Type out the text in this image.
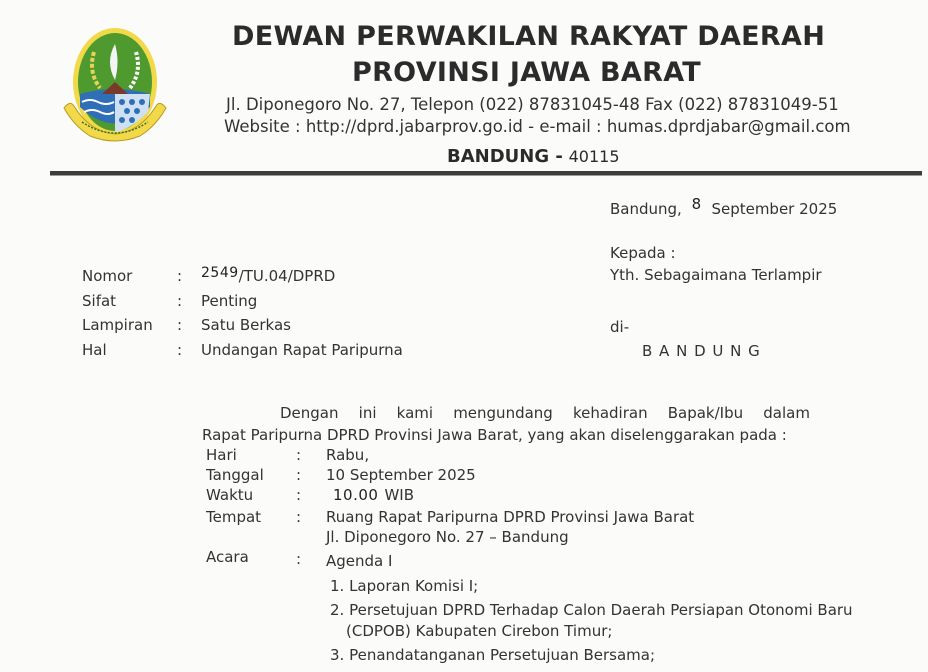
DEWAN PERWAKILAN RAKYAT DAERAH
PROVINSI JAWA BARAT
Jl. Diponegoro No. 27, Telepon (022) 87831045-48 Fax (022) 87831049-51
Website : http://dprd.jabarprov.go.id - e-mail : humas.dprdjabar@gmail.com
BANDUNG - 40115
Bandung, 8 September 2025
Kepada :
Yth. Sebagaimana Terlampir
di-
B A N D U N G
Nomor	: 2549/TU.04/DPRD
Sifat	: Penting
Lampiran : Satu Berkas
Hal	: Undangan Rapat Paripurna
Dengan ini kami mengundang kehadiran Bapak/Ibu dalam
Rapat Paripurna DPRD Provinsi Jawa Barat, yang akan diselenggarakan pada :
Hari	: Rabu,
Tanggal : 10 September 2025
Waktu	: 10.00 WIB
Tempat : Ruang Rapat Paripurna DPRD Provinsi Jawa Barat
Jl. Diponegoro No. 27 – Bandung
Acara	: Agenda I
1. Laporan Komisi I;
2. Persetujuan DPRD Terhadap Calon Daerah Persiapan Otonomi Baru
(CDPOB) Kabupaten Cirebon Timur;
3. Penandatanganan Persetujuan Bersama;
